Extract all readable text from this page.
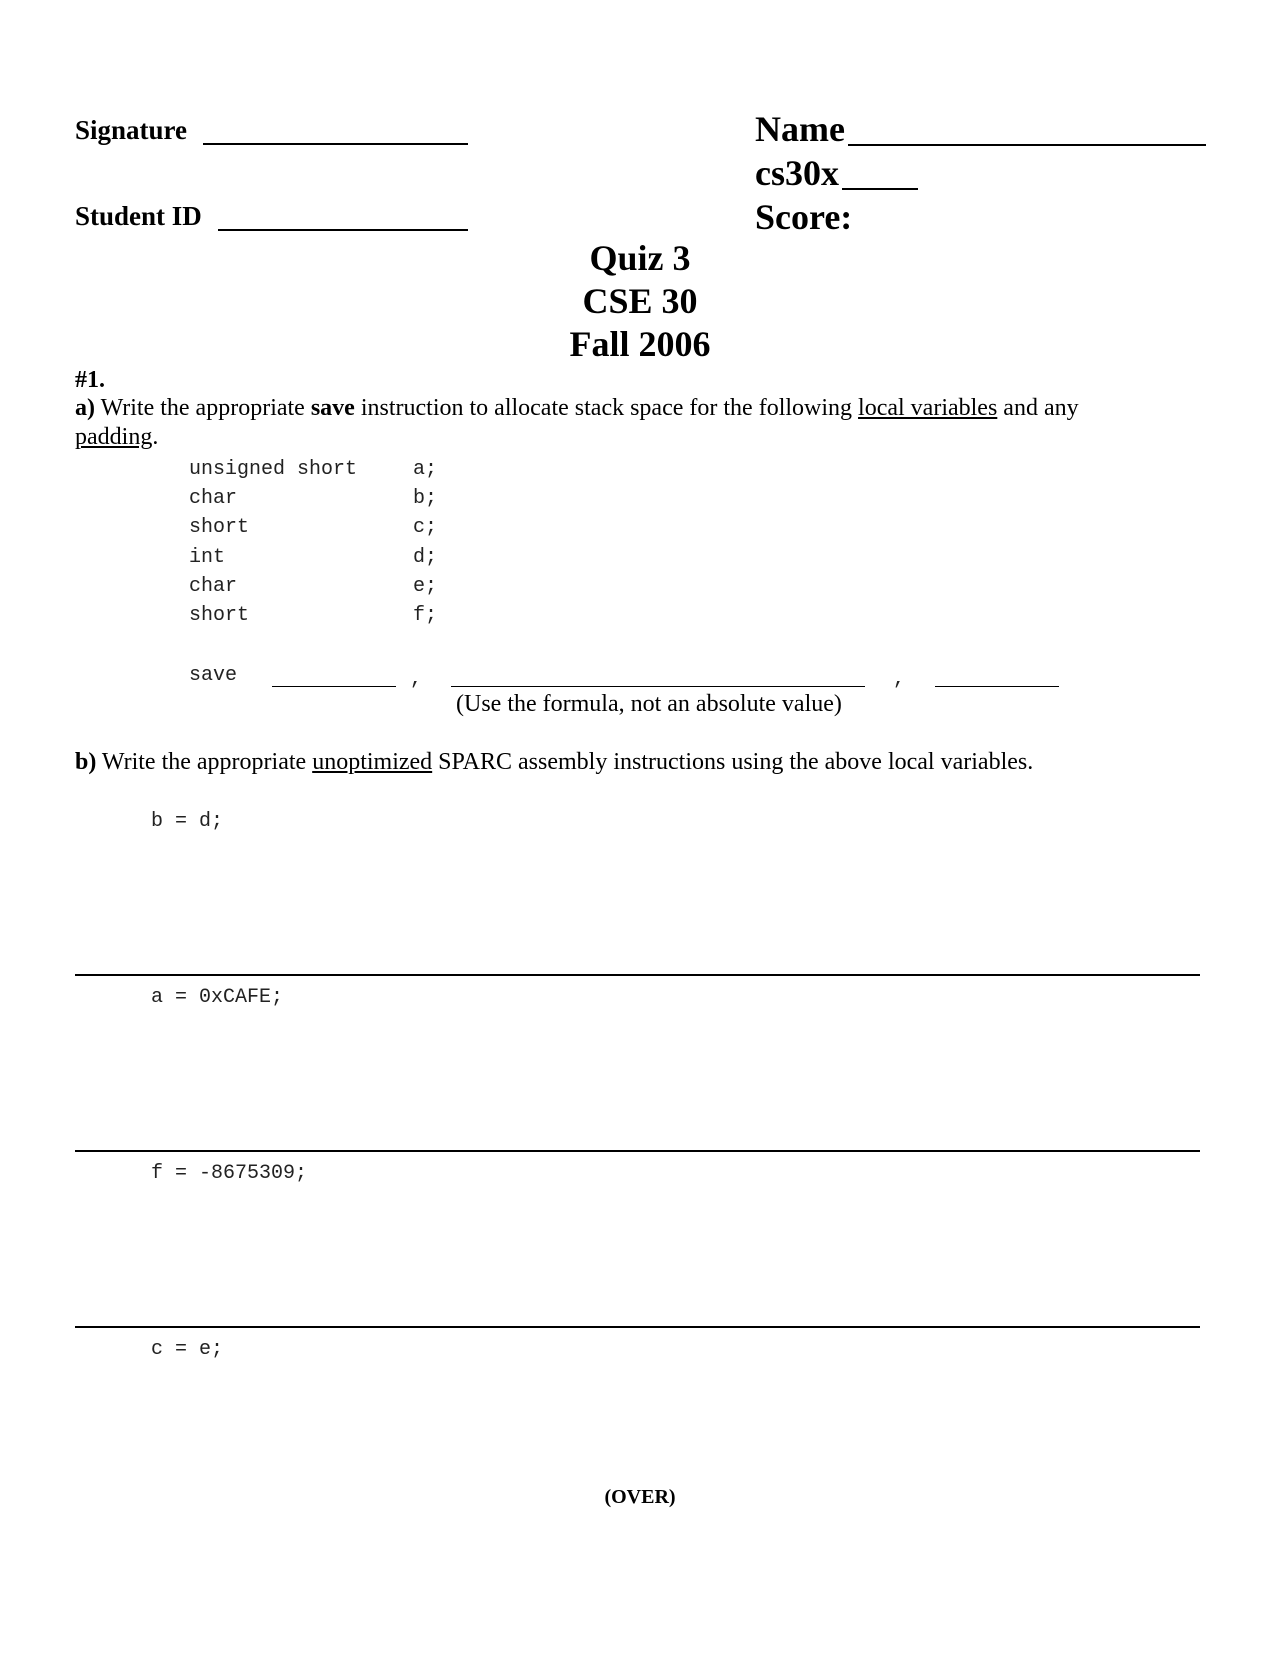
Signature
Student ID
Name
cs30x
Score:
Quiz 3
CSE 30
Fall 2006
#1.
a) Write the appropriate save instruction to allocate stack space for the following local variables and any
padding.
unsigned short	a;
char	b;
short	c;
int	d;
char	e;
short	f;
save	,	,
(Use the formula, not an absolute value)
b) Write the appropriate unoptimized SPARC assembly instructions using the above local variables.
b = d;
a = 0xCAFE;
f = -8675309;
c = e;
(OVER)
